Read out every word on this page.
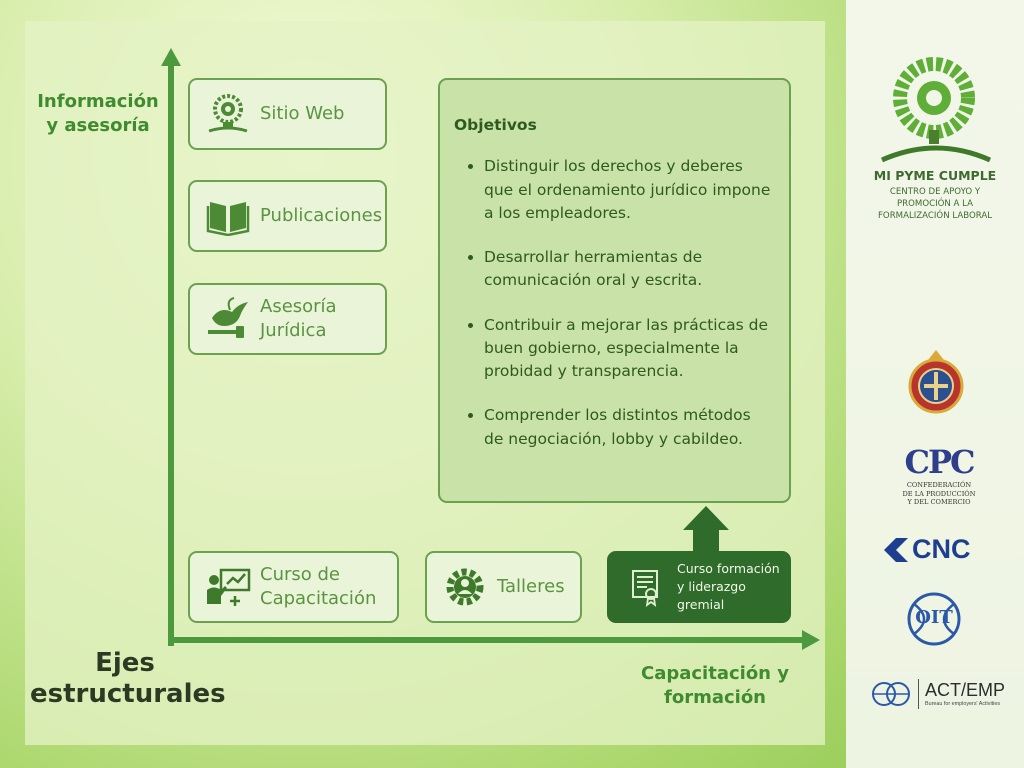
Información y asesoría
Capacitación y formación
Ejes estructurales
Sitio Web
Publicaciones
Asesoría Jurídica
Objetivos
• Distinguir los derechos y deberes que el ordenamiento jurídico impone a los empleadores.
• Desarrollar herramientas de comunicación oral y escrita.
• Contribuir a mejorar las prácticas de buen gobierno, especialmente la probidad y transparencia.
• Comprender los distintos métodos de negociación, lobby y cabildeo.
Curso de Capacitación
Talleres
Curso formación y liderazgo gremial
MI PYME CUMPLE
CENTRO DE APOYO Y PROMOCIÓN A LA FORMALIZACIÓN LABORAL
CPC
CONFEDERACIÓN
DE LA PRODUCCIÓN
Y DEL COMERCIO
CNC
OIT
ACT/EMP
Bureau for employers' Activities
